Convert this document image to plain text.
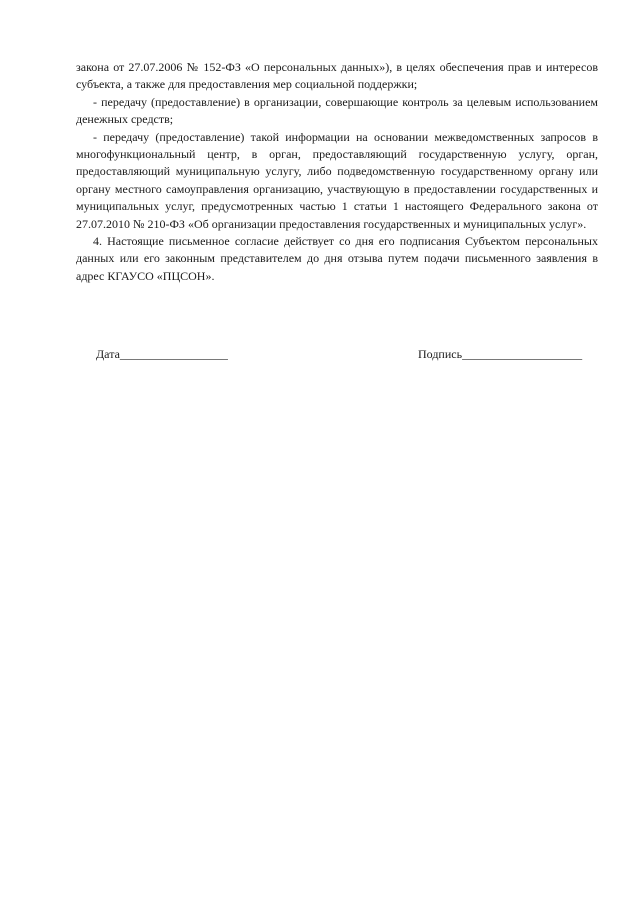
закона от 27.07.2006 № 152-ФЗ «О персональных данных»), в целях обеспечения прав и интересов субъекта, а также для предоставления мер социальной поддержки;

- передачу (предоставление) в организации, совершающие контроль за целевым использованием денежных средств;

- передачу (предоставление) такой информации на основании межведомственных запросов в многофункциональный центр, в орган, предоставляющий государственную услугу, орган, предоставляющий муниципальную услугу, либо подведомственную государственному органу или органу местного самоуправления организацию, участвующую в предоставлении государственных и муниципальных услуг, предусмотренных частью 1 статьи 1 настоящего Федерального закона от 27.07.2010 № 210-ФЗ «Об организации предоставления государственных и муниципальных услуг».

4. Настоящие письменное согласие действует со дня его подписания Субъектом персональных данных или его законным представителем до дня отзыва путем подачи письменного заявления в адрес КГАУСО «ПЦСОН».

Дата__________________	Подпись____________________
